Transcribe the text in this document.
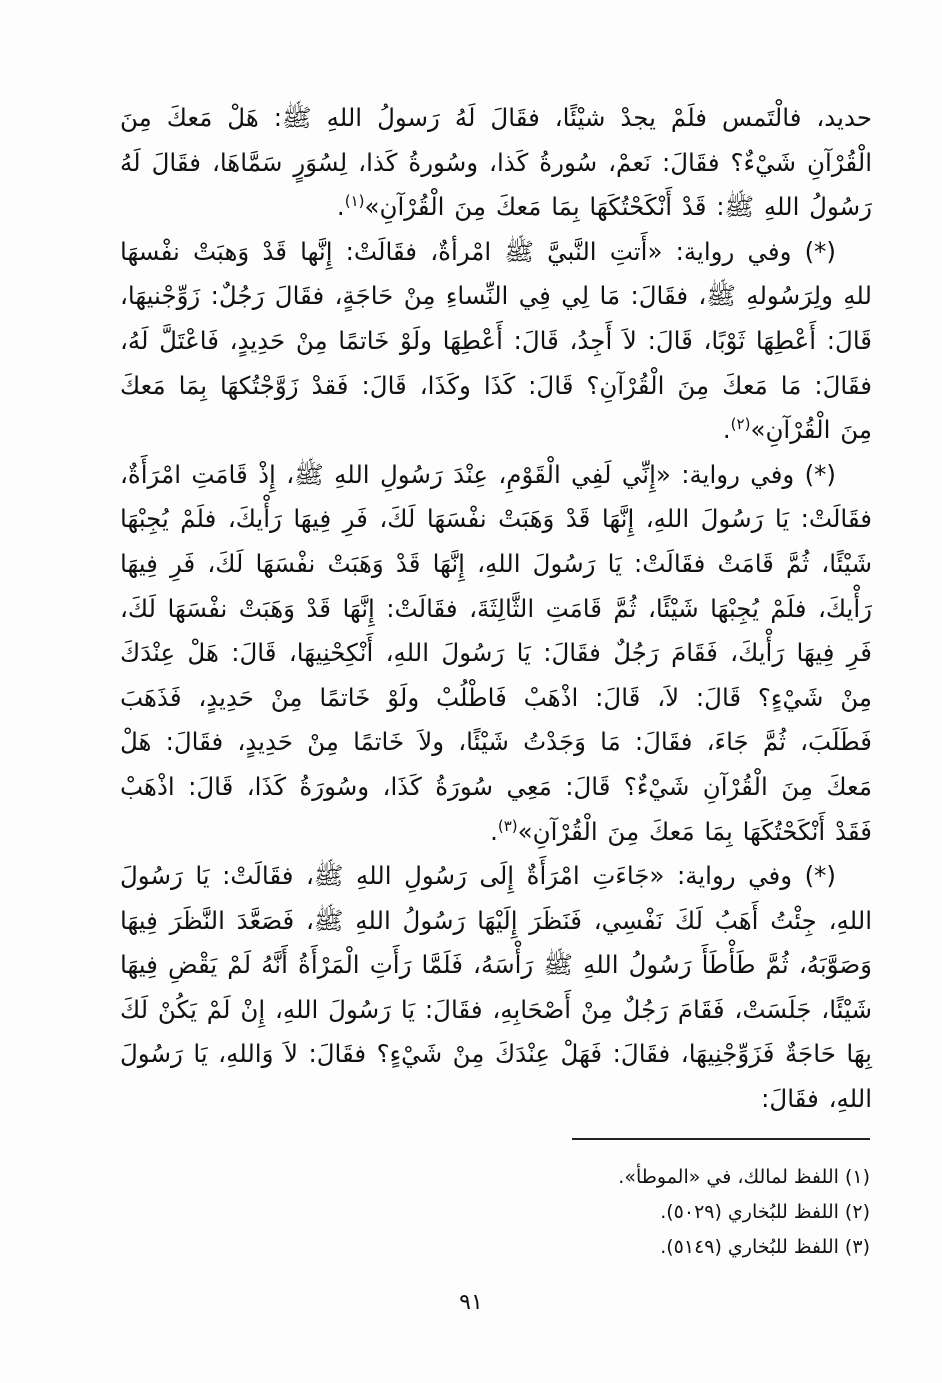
حديد، فالْتَمس فلَمْ يجدْ شيْئًا، فقَالَ لَهُ رَسولُ اللهِ ﷺ: هَلْ مَعكَ مِنَ الْقُرْآنِ شَيْءٌ؟ فقَالَ: نَعمْ، سُورةُ كَذا، وسُورةُ كَذا، لِسُوَرٍ سَمَّاهَا، فقَالَ لَهُ رَسُولُ اللهِ ﷺ: قَدْ أَنْكَحْتُكَهَا بِمَا مَعكَ مِنَ الْقُرْآنِ»$^{(١)}$.

(*) وفي رواية: «أَتتِ النَّبيَّ ﷺ امْرأةٌ، فقَالَتْ: إِنَّها قَدْ وَهبَتْ نفْسهَا للهِ ولِرَسُولهِ ﷺ، فقَالَ: مَا لِي فِي النِّساءِ مِنْ حَاجَةٍ، فقَالَ رَجُلٌ: زَوِّجْنيهَا، قَالَ: أَعْطِهَا ثَوْبًا، قَالَ: لاَ أَجِدُ، قَالَ: أَعْطِهَا ولَوْ خَاتمًا مِنْ حَدِيدٍ، فَاعْتَلَّ لَهُ، فقَالَ: مَا مَعكَ مِنَ الْقُرْآنِ؟ قَالَ: كَذَا وكَذَا، قَالَ: فَقدْ زَوَّجْتُكهَا بِمَا مَعكَ مِنَ الْقُرْآنِ»$^{(٢)}$.

(*) وفي رواية: «إِنِّي لَفِي الْقَوْمِ، عِنْدَ رَسُولِ اللهِ ﷺ، إِذْ قَامَتِ امْرَأَةٌ، فقَالَتْ: يَا رَسُولَ اللهِ، إِنَّهَا قَدْ وَهَبَتْ نفْسَهَا لَكَ، فَرِ فِيهَا رَأْيكَ، فلَمْ يُجِبْهَا شَيْئًا، ثُمَّ قَامَتْ فقَالَتْ: يَا رَسُولَ اللهِ، إِنَّهَا قَدْ وَهَبَتْ نفْسَهَا لَكَ، فَرِ فِيهَا رَأْيكَ، فلَمْ يُجِبْهَا شَيْئًا، ثُمَّ قَامَتِ الثَّالِثَةَ، فقَالَتْ: إِنَّهَا قَدْ وَهَبَتْ نفْسَهَا لَكَ، فَرِ فِيهَا رَأْيكَ، فَقَامَ رَجُلٌ فقَالَ: يَا رَسُولَ اللهِ، أَنْكِحْنِيهَا، قَالَ: هَلْ عِنْدَكَ مِنْ شَيْءٍ؟ قَالَ: لاَ، قَالَ: اذْهَبْ فَاطْلُبْ ولَوْ خَاتمًا مِنْ حَدِيدٍ، فَذَهَبَ فَطَلَبَ، ثُمَّ جَاءَ، فقَالَ: مَا وَجَدْتُ شَيْئًا، ولاَ خَاتمًا مِنْ حَدِيدٍ، فقَالَ: هَلْ مَعكَ مِنَ الْقُرْآنِ شَيْءٌ؟ قَالَ: مَعِي سُورَةُ كَذَا، وسُورَةُ كَذَا، قَالَ: اذْهَبْ فَقَدْ أَنْكَحْتُكَهَا بِمَا مَعكَ مِنَ الْقُرْآنِ»$^{(٣)}$.

(*) وفي رواية: «جَاءَتِ امْرَأَةٌ إِلَى رَسُولِ اللهِ ﷺ، فقَالَتْ: يَا رَسُولَ اللهِ، جِئْتُ أَهَبُ لَكَ نَفْسِي، فَنَظَرَ إِلَيْهَا رَسُولُ اللهِ ﷺ، فَصَعَّدَ النَّظَرَ فِيهَا وَصَوَّبَهُ، ثُمَّ طَأْطَأَ رَسُولُ اللهِ ﷺ رَأْسَهُ، فَلَمَّا رَأَتِ الْمَرْأَةُ أَنَّهُ لَمْ يَقْضِ فِيهَا شَيْئًا، جَلَسَتْ، فَقَامَ رَجُلٌ مِنْ أَصْحَابِهِ، فقَالَ: يَا رَسُولَ اللهِ، إِنْ لَمْ يَكُنْ لَكَ بِهَا حَاجَةٌ فَزَوِّجْنِيهَا، فقَالَ: فَهَلْ عِنْدَكَ مِنْ شَيْءٍ؟ فقَالَ: لاَ وَاللهِ، يَا رَسُولَ اللهِ، فقَالَ:

(١) اللفظ لمالك، في «الموطأ».

(٢) اللفظ للبُخاري (٥٠٢٩).

(٣) اللفظ للبُخاري (٥١٤٩).

٩١
